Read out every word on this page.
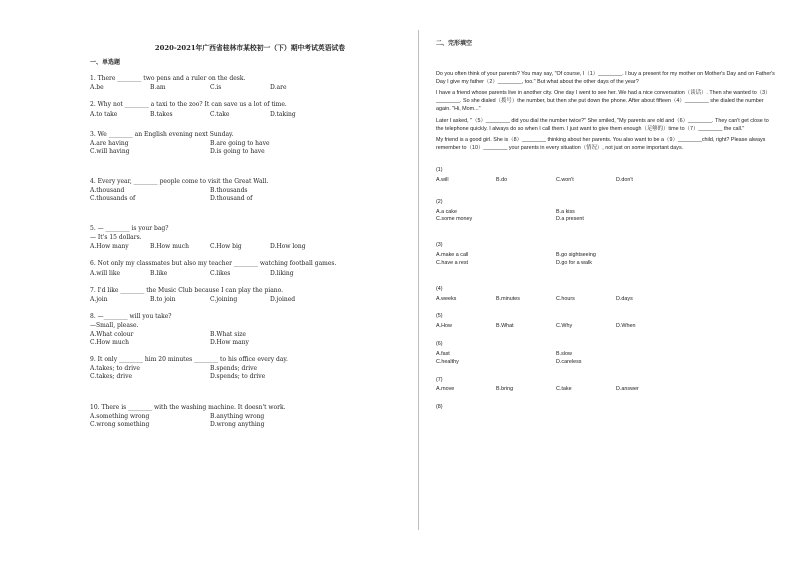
2020-2021年广西省桂林市某校初一（下）期中考试英语试卷
一、单选题
1. There ________ two pens and a ruler on the desk.
A.be	B.am	C.is	D.are
2. Why not ________ a taxi to the zoo? It can save us a lot of time.
A.to take	B.takes	C.take	D.taking
3. We ________ an English evening next Sunday.
A.are having	B.are going to have
C.will having	D.is going to have
4. Every year, ________ people come to visit the Great Wall.
A.thousand	B.thousands
C.thousands of	D.thousand of
5. — ________ is your bag?
— It's 15 dollars.
A.How many	B.How much	C.How big	D.How long
6. Not only my classmates but also my teacher ________ watching football games.
A.will like	B.like	C.likes	D.liking
7. I'd like ________ the Music Club because I can play the piano.
A.join	B.to join	C.joining	D.joined
8. —________ will you take?
—Small, please.
A.What colour	B.What size
C.How much	D.How many
9. It only ________ him 20 minutes ________ to his office every day.
A.takes; to drive	B.spends; drive
C.takes; drive	D.spends; to drive
10. There is ________ with the washing machine. It doesn't work.
A.something wrong	B.anything wrong
C.wrong something	D.wrong anything
二、完形填空
Do you often think of your parents? You may say, "Of course, I（1）________. I buy a present for my mother on Mother's Day and on Father's Day I give my father（2）________, too." But what about the other days of the year?
I have a friend whose parents live in another city. One day I went to see her. We had a nice conversation（谈话）. Then she wanted to（3）________. So she dialed（拨号）the number, but then she put down the phone. After about fifteen（4）________ she dialed the number again. "Hi, Mom..."
Later I asked, "（5）________ did you dial the number twice?" She smiled, "My parents are old and（6）________. They can't get close to the telephone quickly. I always do so when I call them. I just want to give them enough（足够的）time to（7）________ the call."
My friend is a good girl. She is（8）________ thinking about her parents. You also want to be a（9）________child, right? Please always remember to（10）________ your parents in every situation（情况）, not just on some important days.
(1)
A.will	B.do	C.won't	D.don't
(2)
A.a cake	B.a kiss
C.some money	D.a present
(3)
A.make a call	B.go sightseeing
C.have a rest	D.go for a walk
(4)
A.weeks	B.minutes	C.hours	D.days
(5)
A.How	B.What	C.Why	D.When
(6)
A.fast	B.slow
C.healthy	D.careless
(7)
A.move	B.bring	C.take	D.answer
(8)
